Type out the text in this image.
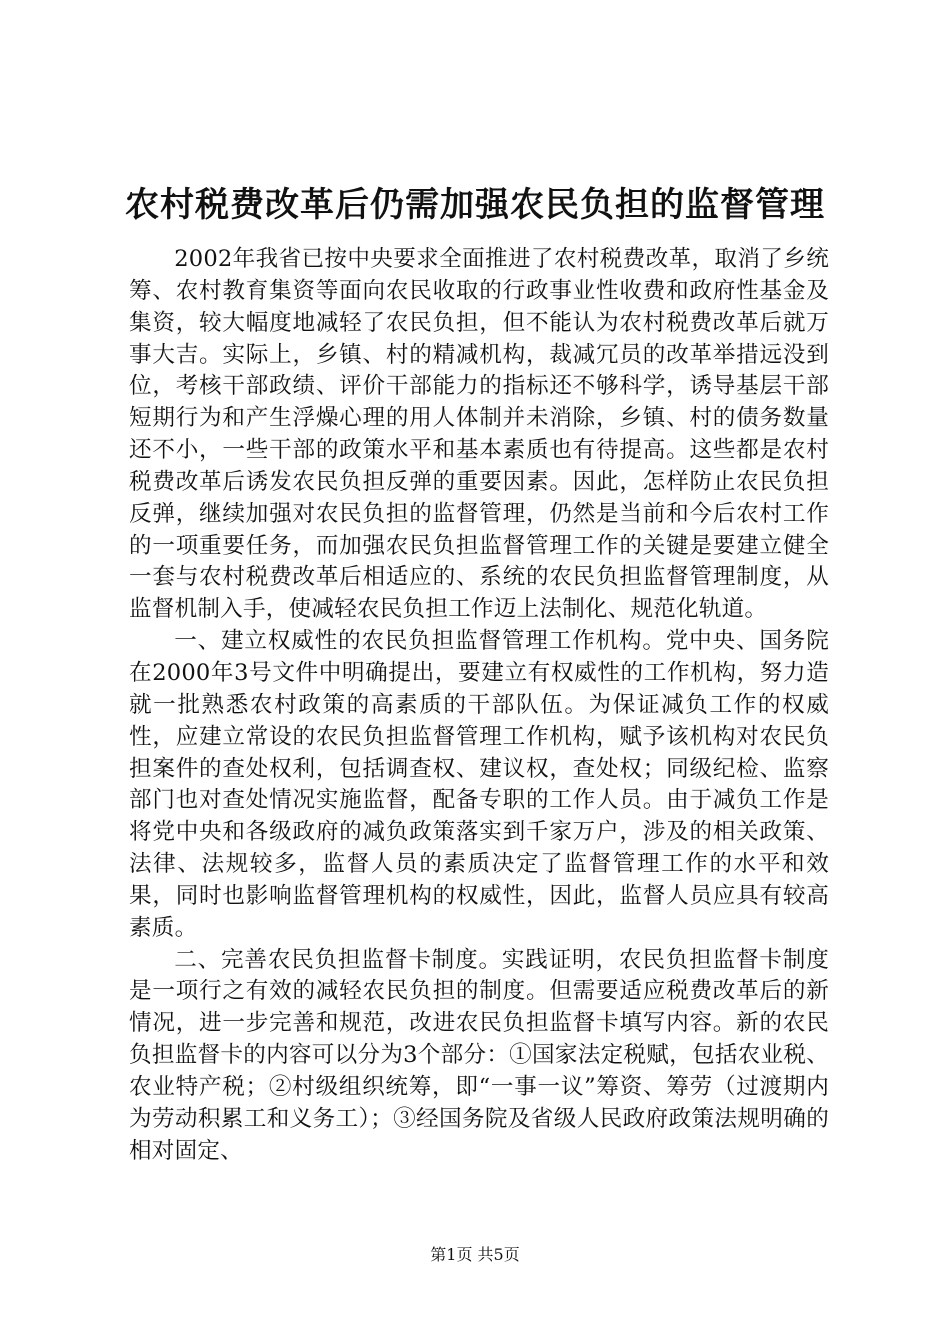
农村税费改革后仍需加强农民负担的监督管理

2002年我省已按中央要求全面推进了农村税费改革，取消了乡统筹、农村教育集资等面向农民收取的行政事业性收费和政府性基金及集资，较大幅度地减轻了农民负担，但不能认为农村税费改革后就万事大吉。实际上，乡镇、村的精减机构，裁减冗员的改革举措远没到位，考核干部政绩、评价干部能力的指标还不够科学，诱导基层干部短期行为和产生浮燥心理的用人体制并未消除，乡镇、村的债务数量还不小，一些干部的政策水平和基本素质也有待提高。这些都是农村税费改革后诱发农民负担反弹的重要因素。因此，怎样防止农民负担反弹，继续加强对农民负担的监督管理，仍然是当前和今后农村工作的一项重要任务，而加强农民负担监督管理工作的关键是要建立健全一套与农村税费改革后相适应的、系统的农民负担监督管理制度，从监督机制入手，使减轻农民负担工作迈上法制化、规范化轨道。

一、建立权威性的农民负担监督管理工作机构。党中央、国务院在2000年3号文件中明确提出，要建立有权威性的工作机构，努力造就一批熟悉农村政策的高素质的干部队伍。为保证减负工作的权威性，应建立常设的农民负担监督管理工作机构，赋予该机构对农民负担案件的查处权利，包括调查权、建议权，查处权；同级纪检、监察部门也对查处情况实施监督，配备专职的工作人员。由于减负工作是将党中央和各级政府的减负政策落实到千家万户，涉及的相关政策、法律、法规较多，监督人员的素质决定了监督管理工作的水平和效果，同时也影响监督管理机构的权威性，因此，监督人员应具有较高素质。

二、完善农民负担监督卡制度。实践证明，农民负担监督卡制度是一项行之有效的减轻农民负担的制度。但需要适应税费改革后的新情况，进一步完善和规范，改进农民负担监督卡填写内容。新的农民负担监督卡的内容可以分为3个部分：①国家法定税赋，包括农业税、农业特产税；②村级组织统筹，即“一事一议”筹资、筹劳（过渡期内为劳动积累工和义务工）；③经国务院及省级人民政府政策法规明确的相对固定、

第1页 共5页
